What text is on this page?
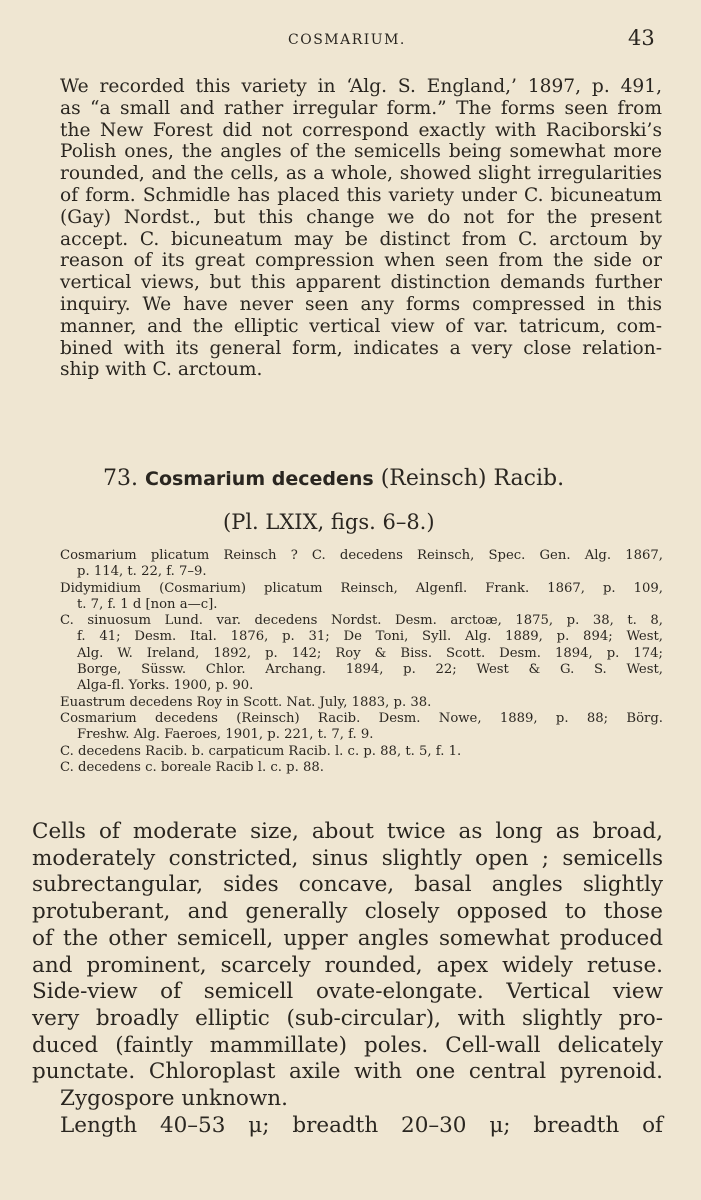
COSMARIUM.	43
We recorded this variety in ‘Alg. S. England,’ 1897, p. 491,
as “a small and rather irregular form.” The forms seen from
the New Forest did not correspond exactly with Raciborski’s
Polish ones, the angles of the semicells being somewhat more
rounded, and the cells, as a whole, showed slight irregularities
of form. Schmidle has placed this variety under C. bicuneatum
(Gay) Nordst., but this change we do not for the present
accept. C. bicuneatum may be distinct from C. arctoum by
reason of its great compression when seen from the side or
vertical views, but this apparent distinction demands further
inquiry. We have never seen any forms compressed in this
manner, and the elliptic vertical view of var. tatricum, com-
bined with its general form, indicates a very close relation-
ship with C. arctoum.
73. Cosmarium decedens (Reinsch) Racib.
(Pl. LXIX, figs. 6–8.)
Cosmarium plicatum Reinsch ? C. decedens Reinsch, Spec. Gen. Alg. 1867,
p. 114, t. 22, f. 7–9.
Didymidium (Cosmarium) plicatum Reinsch, Algenfl. Frank. 1867, p. 109,
t. 7, f. 1 d [non a—c].
C. sinuosum Lund. var. decedens Nordst. Desm. arctoæ, 1875, p. 38, t. 8,
f. 41; Desm. Ital. 1876, p. 31; De Toni, Syll. Alg. 1889, p. 894; West,
Alg. W. Ireland, 1892, p. 142; Roy & Biss. Scott. Desm. 1894, p. 174;
Borge, Süssw. Chlor. Archang. 1894, p. 22; West & G. S. West,
Alga-fl. Yorks. 1900, p. 90.
Euastrum decedens Roy in Scott. Nat. July, 1883, p. 38.
Cosmarium decedens (Reinsch) Racib. Desm. Nowe, 1889, p. 88; Börg.
Freshw. Alg. Faeroes, 1901, p. 221, t. 7, f. 9.
C. decedens Racib. b. carpaticum Racib. l. c. p. 88, t. 5, f. 1.
C. decedens c. boreale Racib l. c. p. 88.
Cells of moderate size, about twice as long as broad,
moderately constricted, sinus slightly open ; semicells
subrectangular, sides concave, basal angles slightly
protuberant, and generally closely opposed to those
of the other semicell, upper angles somewhat produced
and prominent, scarcely rounded, apex widely retuse.
Side-view of semicell ovate-elongate. Vertical view
very broadly elliptic (sub-circular), with slightly pro-
duced (faintly mammillate) poles. Cell-wall delicately
punctate. Chloroplast axile with one central pyrenoid.
Zygospore unknown.
Length 40–53 μ; breadth 20–30 μ; breadth of
